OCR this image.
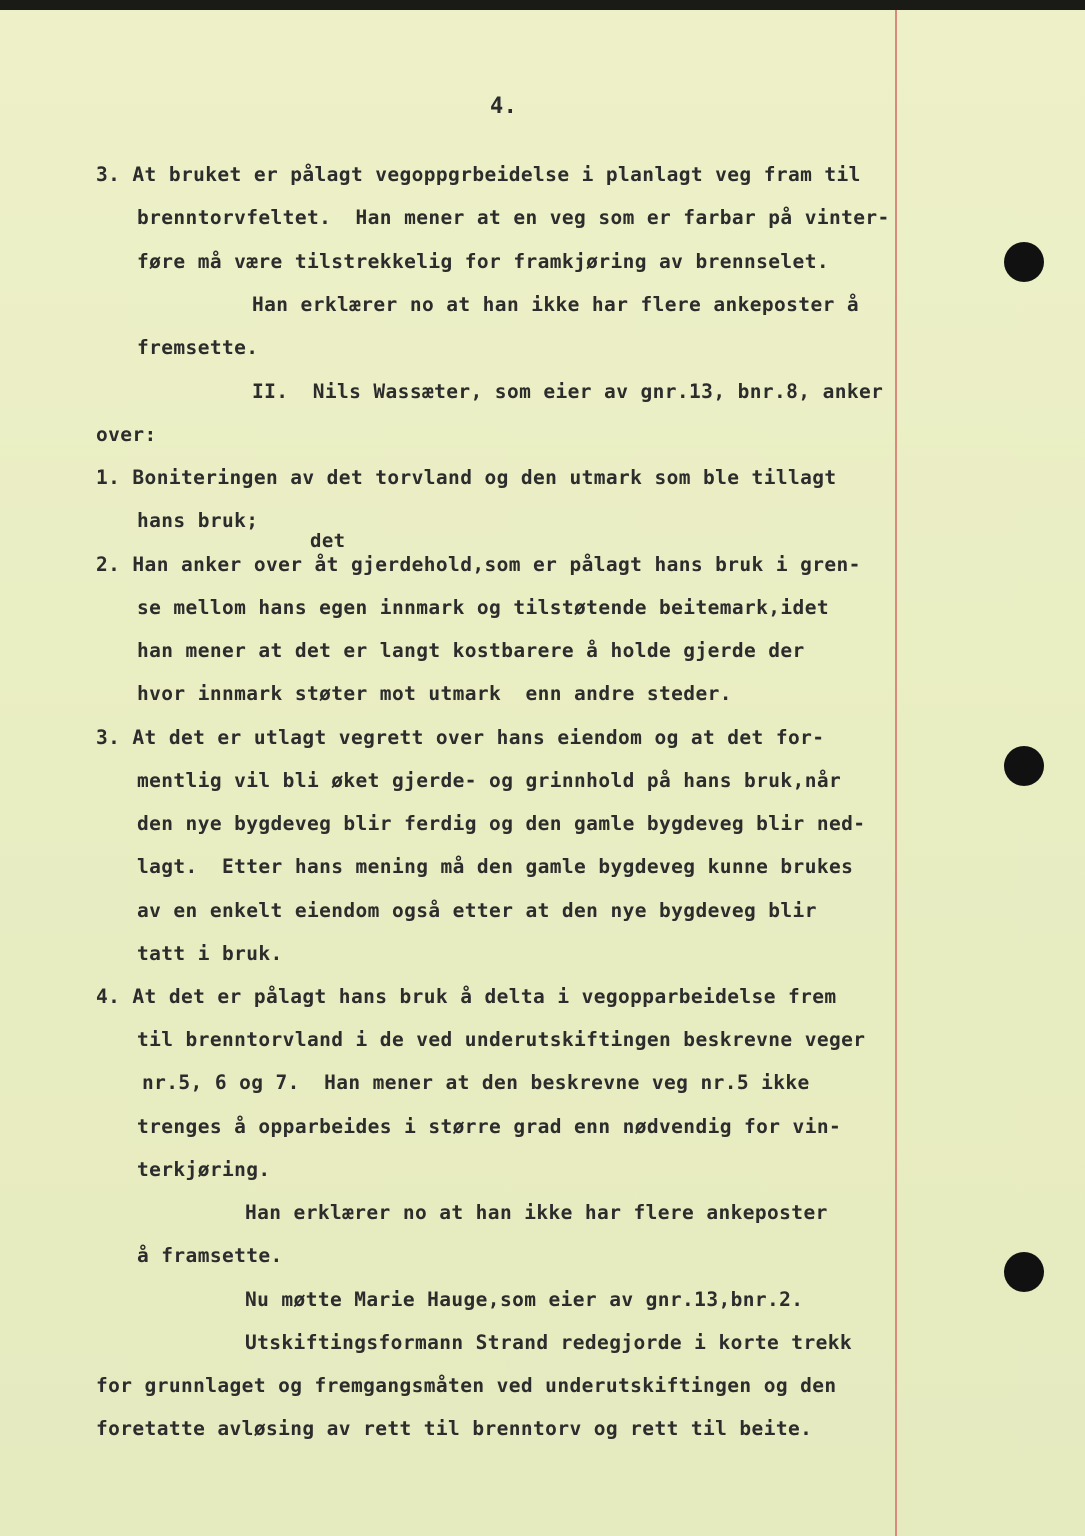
4.
3. At bruket er pålagt vegoppgrbeidelse i planlagt veg fram til
brenntorvfeltet.  Han mener at en veg som er farbar på vinter-
føre må være tilstrekkelig for framkjøring av brennselet.
Han erklærer no at han ikke har flere ankeposter å
fremsette.
II.  Nils Wassæter, som eier av gnr.13, bnr.8, anker
over:
1. Boniteringen av det torvland og den utmark som ble tillagt
hans bruk;
det
2. Han anker over åt gjerdehold,som er pålagt hans bruk i gren-
se mellom hans egen innmark og tilstøtende beitemark,idet
han mener at det er langt kostbarere å holde gjerde der
hvor innmark støter mot utmark  enn andre steder.
3. At det er utlagt vegrett over hans eiendom og at det for-
mentlig vil bli øket gjerde- og grinnhold på hans bruk,når
den nye bygdeveg blir ferdig og den gamle bygdeveg blir ned-
lagt.  Etter hans mening må den gamle bygdeveg kunne brukes
av en enkelt eiendom også etter at den nye bygdeveg blir
tatt i bruk.
4. At det er pålagt hans bruk å delta i vegopparbeidelse frem
til brenntorvland i de ved underutskiftingen beskrevne veger
nr.5, 6 og 7.  Han mener at den beskrevne veg nr.5 ikke
trenges å opparbeides i større grad enn nødvendig for vin-
terkjøring.
Han erklærer no at han ikke har flere ankeposter
å framsette.
Nu møtte Marie Hauge,som eier av gnr.13,bnr.2.
Utskiftingsformann Strand redegjorde i korte trekk
for grunnlaget og fremgangsmåten ved underutskiftingen og den
foretatte avløsing av rett til brenntorv og rett til beite.
